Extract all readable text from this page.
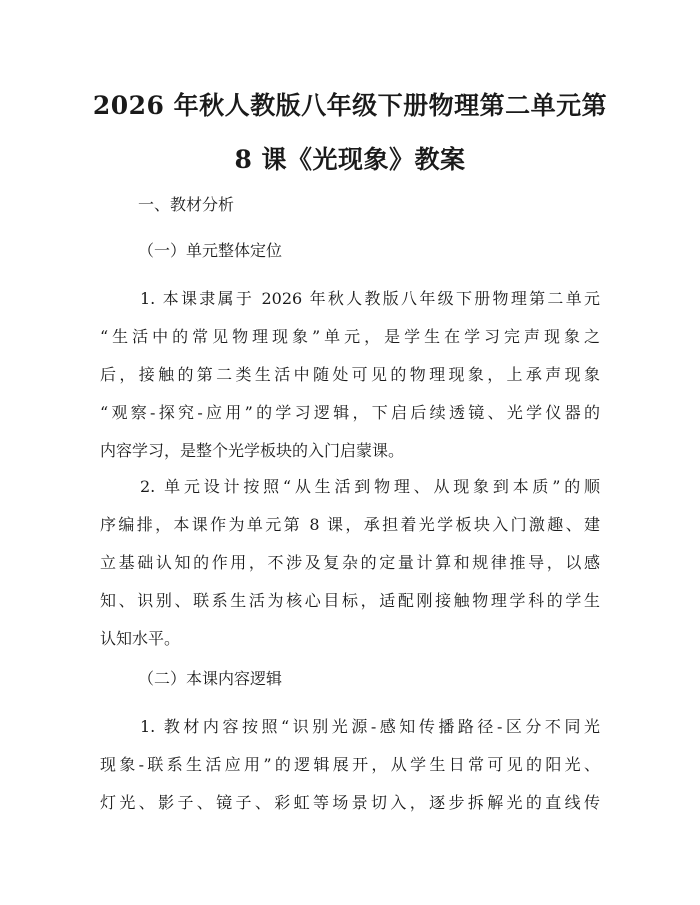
2026 年秋人教版八年级下册物理第二单元第
8 课《光现象》教案
一、教材分析
（一）单元整体定位
1. 本课隶属于 2026 年秋人教版八年级下册物理第二单元
“生活中的常见物理现象”单元，是学生在学习完声现象之
后，接触的第二类生活中随处可见的物理现象，上承声现象
“观察-探究-应用”的学习逻辑，下启后续透镜、光学仪器的
内容学习，是整个光学板块的入门启蒙课。
2. 单元设计按照“从生活到物理、从现象到本质”的顺
序编排，本课作为单元第 8 课，承担着光学板块入门激趣、建
立基础认知的作用，不涉及复杂的定量计算和规律推导，以感
知、识别、联系生活为核心目标，适配刚接触物理学科的学生
认知水平。
（二）本课内容逻辑
1. 教材内容按照“识别光源-感知传播路径-区分不同光
现象-联系生活应用”的逻辑展开，从学生日常可见的阳光、
灯光、影子、镜子、彩虹等场景切入，逐步拆解光的直线传
